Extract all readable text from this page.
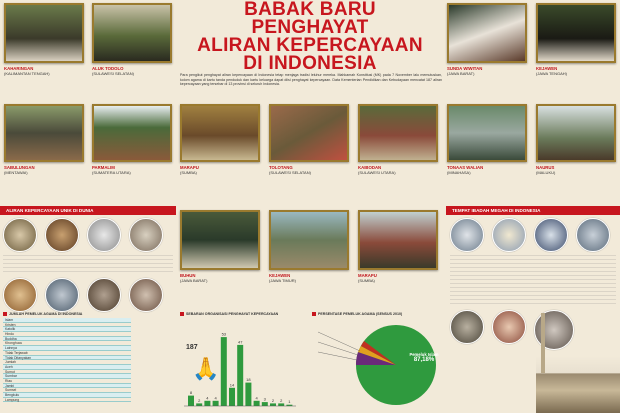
BABAK BARU
PENGHAYAT
ALIRAN KEPERCAYAAN
DI INDONESIA
Para pengikut penghayat aliran kepercayaan di Indonesia tetap menjaga tradisi leluhur mereka. Mahkamah Konstitusi (MK) pada 7 November lalu memutuskan, kolom agama di kartu tanda penduduk dan kartu keluarga dapat diisi penghayat kepercayaan. Data Kementerian Pendidikan dan Kebudayaan mencatat 187 aliran kepercayaan yang tersebar di 13 provinsi di seluruh Indonesia.
KAHARINGAN
(KALIMANTAN TENGAH)
ALUK TODOLO
(SULAWESI SELATAN)
SUNDA WIWITAN
(JAWA BARAT)
KEJAWEN
(JAWA TENGAH)
SABULUNGAN
(MENTAWAI)
PARMALIM
(SUMATERA UTARA)
MARAPU
(SUMBA)
TOLOTANG
(SULAWESI SELATAN)
KAIBODAN
(SULAWESI UTARA)
TONAAS WALIAN
(MINAHASA)
NAURUS
(MALUKU)
ALIRAN KEPERCAYAAN UNIK DI DUNIA	TEMPAT IBADAH MEGAH DI INDONESIA
BUHUN
(JAWA BARAT)
KEJAWEN
(JAWA TIMUR)
MARAPU
(SUMBA)
JUMLAH PEMELUK AGAMA DI INDONESIA
Islam
Kristen
Katolik
Hindu
Buddha
Khonghucu
Lainnya
Tidak Terjawab
Tidak Ditanyakan
Jumlah
Aceh
Sumut
Sumbar
Riau
Jambi
Sumsel
Bengkulu
Lampung
SEBARAN ORGANISASI PENGHAYAT KEPERCAYAAN
8
2
4 4
53
14
47
18
4 3 2 2 1
187
🙏
PERSENTASE PEMELUK AGAMA (SENSUS 2010)
Pemeluk Islam
87,18%
